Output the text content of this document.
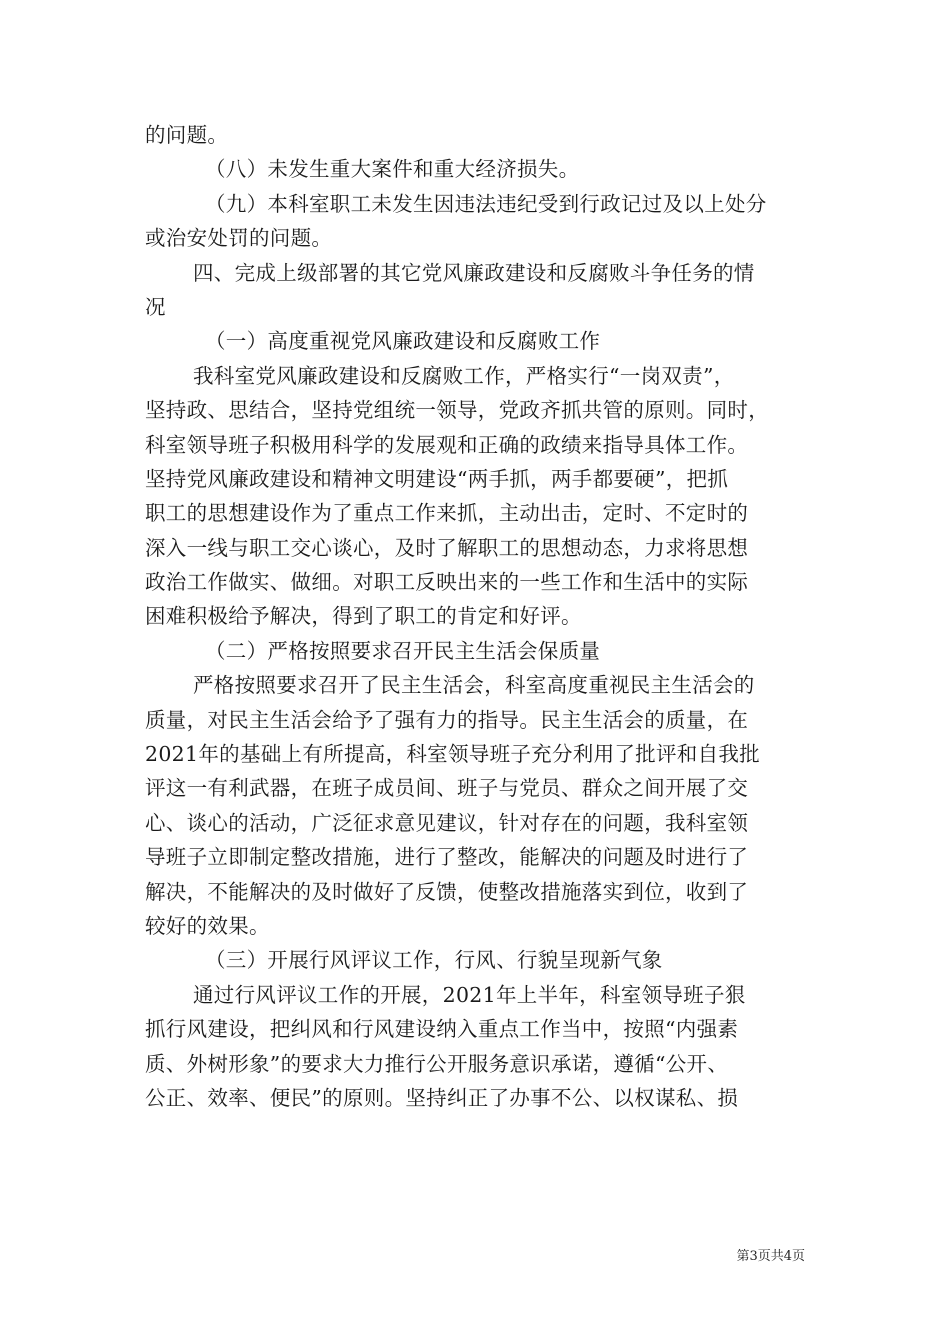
的问题。
（八）未发生重大案件和重大经济损失。
（九）本科室职工未发生因违法违纪受到行政记过及以上处分
或治安处罚的问题。
四、完成上级部署的其它党风廉政建设和反腐败斗争任务的情
况
（一）高度重视党风廉政建设和反腐败工作
我科室党风廉政建设和反腐败工作，严格实行“一岗双责”，
坚持政、思结合，坚持党组统一领导，党政齐抓共管的原则。同时，
科室领导班子积极用科学的发展观和正确的政绩来指导具体工作。
坚持党风廉政建设和精神文明建设“两手抓，两手都要硬”，把抓
职工的思想建设作为了重点工作来抓，主动出击，定时、不定时的
深入一线与职工交心谈心，及时了解职工的思想动态，力求将思想
政治工作做实、做细。对职工反映出来的一些工作和生活中的实际
困难积极给予解决，得到了职工的肯定和好评。
（二）严格按照要求召开民主生活会保质量
严格按照要求召开了民主生活会，科室高度重视民主生活会的
质量，对民主生活会给予了强有力的指导。民主生活会的质量，在
2021年的基础上有所提高，科室领导班子充分利用了批评和自我批
评这一有利武器，在班子成员间、班子与党员、群众之间开展了交
心、谈心的活动，广泛征求意见建议，针对存在的问题，我科室领
导班子立即制定整改措施，进行了整改，能解决的问题及时进行了
解决，不能解决的及时做好了反馈，使整改措施落实到位，收到了
较好的效果。
（三）开展行风评议工作，行风、行貌呈现新气象
通过行风评议工作的开展，2021年上半年，科室领导班子狠
抓行风建设，把纠风和行风建设纳入重点工作当中，按照“内强素
质、外树形象”的要求大力推行公开服务意识承诺，遵循“公开、
公正、效率、便民”的原则。坚持纠正了办事不公、以权谋私、损
第3页共4页
